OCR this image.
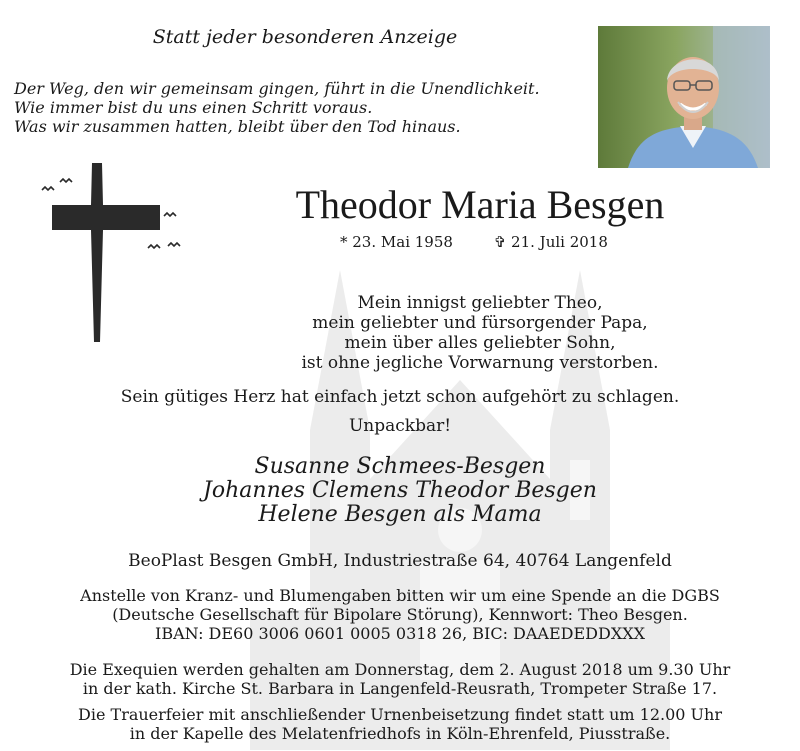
Statt jeder besonderen Anzeige
Der Weg, den wir gemeinsam gingen, führt in die Unendlichkeit.
Wie immer bist du uns einen Schritt voraus.
Was wir zusammen hatten, bleibt über den Tod hinaus.
Theodor Maria Besgen
* 23. Mai 1958	✞ 21. Juli 2018
Mein innigst geliebter Theo,
mein geliebter und fürsorgender Papa,
mein über alles geliebter Sohn,
ist ohne jegliche Vorwarnung verstorben.
Sein gütiges Herz hat einfach jetzt schon aufgehört zu schlagen.
Unpackbar!
Susanne Schmees-Besgen
Johannes Clemens Theodor Besgen
Helene Besgen als Mama
BeoPlast Besgen GmbH, Industriestraße 64, 40764 Langenfeld
Anstelle von Kranz- und Blumengaben bitten wir um eine Spende an die DGBS
(Deutsche Gesellschaft für Bipolare Störung), Kennwort: Theo Besgen.
IBAN: DE60 3006 0601 0005 0318 26, BIC: DAAEDEDDXXX
Die Exequien werden gehalten am Donnerstag, dem 2. August 2018 um 9.30 Uhr
in der kath. Kirche St. Barbara in Langenfeld-Reusrath, Trompeter Straße 17.
Die Trauerfeier mit anschließender Urnenbeisetzung findet statt um 12.00 Uhr
in der Kapelle des Melatenfriedhofs in Köln-Ehrenfeld, Piusstraße.
